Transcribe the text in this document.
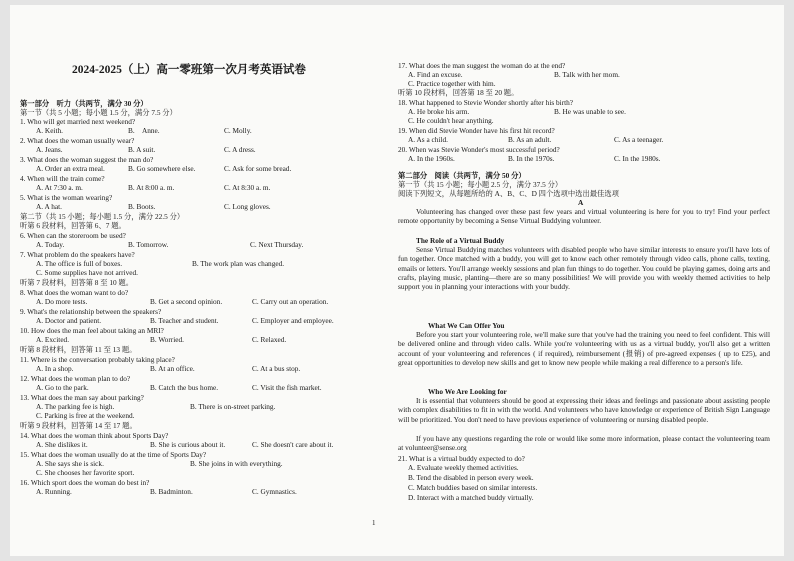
2024-2025（上）高一零班第一次月考英语试卷
第一部分　听力（共两节，满分 30 分）
第一节（共 5 小题；每小题 1.5 分，满分 7.5 分）
1. Who will get married next weekend?
A. Keith.	B.　Anne.	C. Molly.
2. What does the woman usually wear?
A. Jeans.	B. A suit.	C. A dress.
3. What does the woman suggest the man do?
A. Order an extra meal.	B. Go somewhere else.	C. Ask for some bread.
4. When will the train come?
A. At 7:30 a. m.	B. At 8:00 a. m.	C. At 8:30 a. m.
5. What is the woman wearing?
A. A hat.	B. Boots.	C. Long gloves.
第二节（共 15 小题；每小题 1.5 分，满分 22.5 分）
听第 6 段材料，回答第 6、7 题。
6. When can the storeroom be used?
A. Today.	B. Tomorrow.	C. Next Thursday.
7. What problem do the speakers have?
A. The office is full of boxes.	B. The work plan was changed.
C. Some supplies have not arrived.
听第 7 段材料，回答第 8 至 10 题。
8. What does the woman want to do?
A. Do more tests.	B. Get a second opinion.	C. Carry out an operation.
9. What's the relationship between the speakers?
A. Doctor and patient.	B. Teacher and student.	C. Employer and employee.
10. How does the man feel about taking an MRI?
A. Excited.	B. Worried.	C. Relaxed.
听第 8 段材料，回答第 11 至 13 题。
11. Where is the conversation probably taking place?
A. In a shop.	B. At an office.	C. At a bus stop.
12. What does the woman plan to do?
A. Go to the park.	B. Catch the bus home.	C. Visit the fish market.
13. What does the man say about parking?
A. The parking fee is high.	B. There is on-street parking.
C. Parking is free at the weekend.
听第 9 段材料，回答第 14 至 17 题。
14. What does the woman think about Sports Day?
A. She dislikes it.	B. She is curious about it.	C. She doesn't care about it.
15. What does the woman usually do at the time of Sports Day?
A. She says she is sick.	B. She joins in with everything.
C. She chooses her favorite sport.
16. Which sport does the woman do best in?
A. Running.	B. Badminton.	C. Gymnastics.
17. What does the man suggest the woman do at the end?
A. Find an excuse.	B. Talk with her mom.
C. Practice together with him.
听第 10 段材料，回答第 18 至 20 题。
18. What happened to Stevie Wonder shortly after his birth?
A. He broke his arm.	B. He was unable to see.
C. He couldn't hear anything.
19. When did Stevie Wonder have his first hit record?
A. As a child.	B. As an adult.	C. As a teenager.
20. When was Stevie Wonder's most successful period?
A. In the 1960s.	B. In the 1970s.	C. In the 1980s.
第二部分　阅读（共两节，满分 50 分）
第一节（共 15 小题；每小题 2.5 分，满分 37.5 分）
阅读下列短文，从每题所给的 A、B、C、D 四个选项中选出最佳选项
A
Volunteering has changed over these past few years and virtual volunteering is here for you to try! Find your perfect remote opportunity by becoming a Sense Virtual Buddying volunteer.
The Role of a Virtual Buddy
Sense Virtual Buddying matches volunteers with disabled people who have similar interests to ensure you'll have lots of fun together. Once matched with a buddy, you will get to know each other remotely through video calls, phone calls, texting, emails or letters. You'll arrange weekly sessions and plan fun things to do together. You could be playing games, doing arts and crafts, playing music, planting—there are so many possibilities! We will provide you with weekly themed activities to help support you in planning your interactions with your buddy.
What We Can Offer You
Before you start your volunteering role, we'll make sure that you've had the training you need to feel confident. This will be delivered online and through video calls. While you're volunteering with us as a virtual buddy, you'll also get a written account of your volunteering and references ( if required), reimbursement (报销) of pre-agreed expenses ( up to £25), and great opportunities to develop new skills and get to know new people while making a real difference to a person's life.
Who We Are Looking for
It is essential that volunteers should be good at expressing their ideas and feelings and passionate about assisting people with complex disabilities to fit in with the world. And volunteers who have knowledge or experience of British Sign Language will be prioritized. You don't need to have previous experience of volunteering or nursing disabled people.
If you have any questions regarding the role or would like some more information, please contact the volunteering team at volunteer@sense.org
21. What is a virtual buddy expected to do?
A. Evaluate weekly themed activities.
B. Tend the disabled in person every week.
C. Match buddies based on similar interests.
D. Interact with a matched buddy virtually.
1
